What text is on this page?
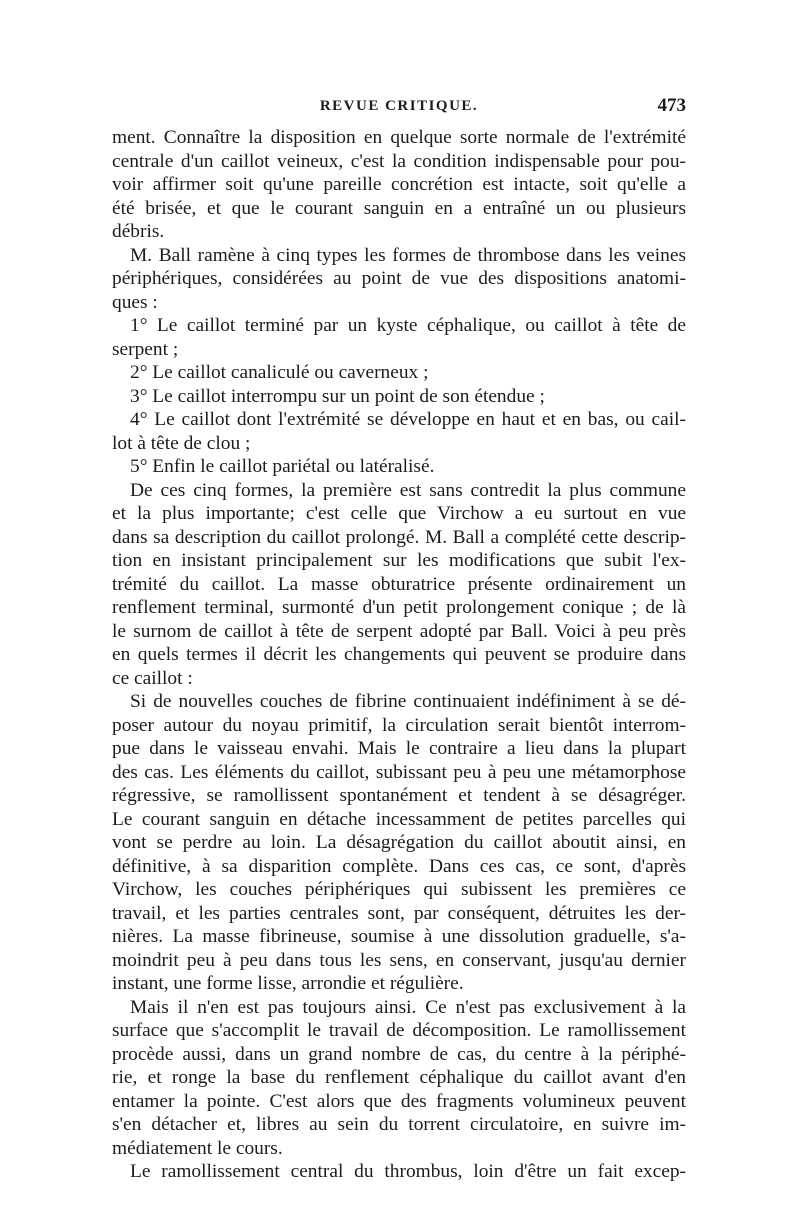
REVUE CRITIQUE.	473
ment. Connaître la disposition en quelque sorte normale de l'extrémité
centrale d'un caillot veineux, c'est la condition indispensable pour pou-
voir affirmer soit qu'une pareille concrétion est intacte, soit qu'elle a
été brisée, et que le courant sanguin en a entraîné un ou plusieurs
débris.
M. Ball ramène à cinq types les formes de thrombose dans les veines
périphériques, considérées au point de vue des dispositions anatomi-
ques :
1° Le caillot terminé par un kyste céphalique, ou caillot à tête de
serpent ;
2° Le caillot canaliculé ou caverneux ;
3° Le caillot interrompu sur un point de son étendue ;
4° Le caillot dont l'extrémité se développe en haut et en bas, ou cail-
lot à tête de clou ;
5° Enfin le caillot pariétal ou latéralisé.
De ces cinq formes, la première est sans contredit la plus commune
et la plus importante; c'est celle que Virchow a eu surtout en vue
dans sa description du caillot prolongé. M. Ball a complété cette descrip-
tion en insistant principalement sur les modifications que subit l'ex-
trémité du caillot. La masse obturatrice présente ordinairement un
renflement terminal, surmonté d'un petit prolongement conique ; de là
le surnom de caillot à tête de serpent adopté par Ball. Voici à peu près
en quels termes il décrit les changements qui peuvent se produire dans
ce caillot :
Si de nouvelles couches de fibrine continuaient indéfiniment à se dé-
poser autour du noyau primitif, la circulation serait bientôt interrom-
pue dans le vaisseau envahi. Mais le contraire a lieu dans la plupart
des cas. Les éléments du caillot, subissant peu à peu une métamorphose
régressive, se ramollissent spontanément et tendent à se désagréger.
Le courant sanguin en détache incessamment de petites parcelles qui
vont se perdre au loin. La désagrégation du caillot aboutit ainsi, en
définitive, à sa disparition complète. Dans ces cas, ce sont, d'après
Virchow, les couches périphériques qui subissent les premières ce
travail, et les parties centrales sont, par conséquent, détruites les der-
nières. La masse fibrineuse, soumise à une dissolution graduelle, s'a-
moindrit peu à peu dans tous les sens, en conservant, jusqu'au dernier
instant, une forme lisse, arrondie et régulière.
Mais il n'en est pas toujours ainsi. Ce n'est pas exclusivement à la
surface que s'accomplit le travail de décomposition. Le ramollissement
procède aussi, dans un grand nombre de cas, du centre à la périphé-
rie, et ronge la base du renflement céphalique du caillot avant d'en
entamer la pointe. C'est alors que des fragments volumineux peuvent
s'en détacher et, libres au sein du torrent circulatoire, en suivre im-
médiatement le cours.
Le ramollissement central du thrombus, loin d'être un fait excep-
